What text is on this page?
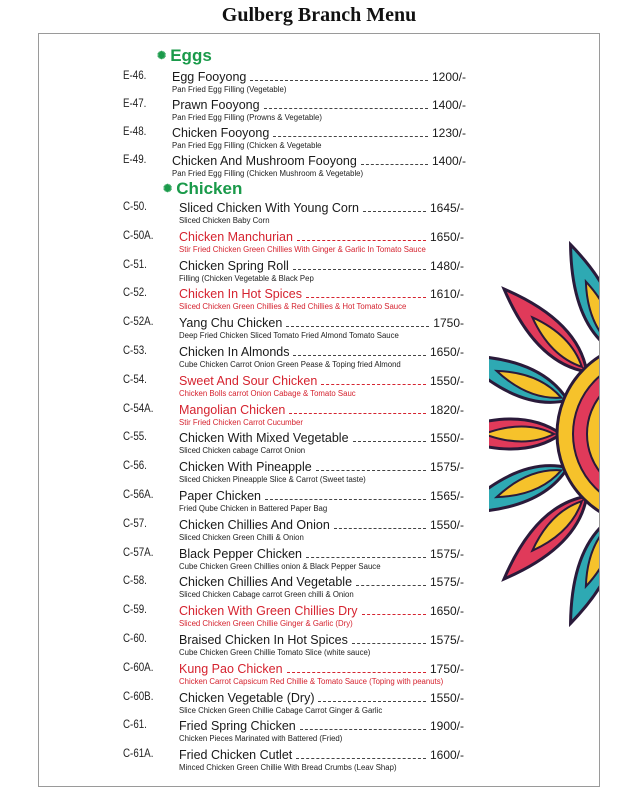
Gulberg Branch Menu
✺ Eggs
✺ Chicken
E-46. Egg Fooyong	1200/-
Pan Fried Egg Filling (Vegetable)
E-47. Prawn Fooyong	1400/-
Pan Fried Egg Filling (Prowns & Vegetable)
E-48. Chicken Fooyong	1230/-
Pan Fried Egg Filling (Chicken & Vegetable
E-49. Chicken And Mushroom Fooyong	1400/-
Pan Fried Egg Filling (Chicken Mushroom & Vegetable)
C-50.	Sliced Chicken With Young Corn	1645/-
Sliced Chicken Baby Corn
C-50A. Chicken Manchurian	1650/-
Stir Fried Chicken Green Chillies With Ginger & Garlic In Tomato Sauce
C-51.	Chicken Spring Roll	1480/-
Filling (Chicken Vegetable & Black Pep
C-52.	Chicken In Hot Spices	1610/-
Sliced Chicken Green Chillies & Red Chillies & Hot Tomato Sauce
C-52A. Yang Chu Chicken	1750-
Deep Fried Chicken Sliced Tomato Fried Almond Tomato Sauce
C-53.	Chicken In Almonds	1650/-
Cube Chicken Carrot Onion Green Pease & Toping fried Almond
C-54.	Sweet And Sour Chicken	1550/-
Chicken Bolls carrot Onion Cabage & Tomato Sauc
C-54A. Mangolian Chicken	1820/-
Stir Fried Chicken Carrot Cucumber
C-55.	Chicken With Mixed Vegetable	1550/-
Sliced Chicken cabage Carrot Onion
C-56.	Chicken With Pineapple	1575/-
Sliced Chicken Pineapple Slice & Carrot (Sweet taste)
C-56A. Paper Chicken	1565/-
Fried Qube Chicken in Battered Paper Bag
C-57.	Chicken Chillies And Onion	1550/-
Sliced Chicken Green Chilli & Onion
C-57A. Black Pepper Chicken	1575/-
Cube Chicken Green Chillies onion & Black Pepper Sauce
C-58.	Chicken Chillies And Vegetable	1575/-
Sliced Chicken Cabage carrot Green chilli & Onion
C-59.	Chicken With Green Chillies Dry	1650/-
Sliced Chicken Green Chillie Ginger & Garlic (Dry)
C-60.	Braised Chicken In Hot Spices	1575/-
Cube Chicken Green Chillie Tomato Slice (white sauce)
C-60A. Kung Pao Chicken	1750/-
Chicken Carrot Capsicum Red Chillie & Tomato Sauce (Toping with peanuts)
C-60B. Chicken Vegetable (Dry)	1550/-
Slice Chicken Green Chillie Cabage Carrot Ginger & Garlic
C-61.	Fried Spring Chicken	1900/-
Chicken Pieces Marinated with Battered (Fried)
C-61A. Fried Chicken Cutlet	1600/-
Minced Chicken Green Chillie With Bread Crumbs (Leav Shap)
